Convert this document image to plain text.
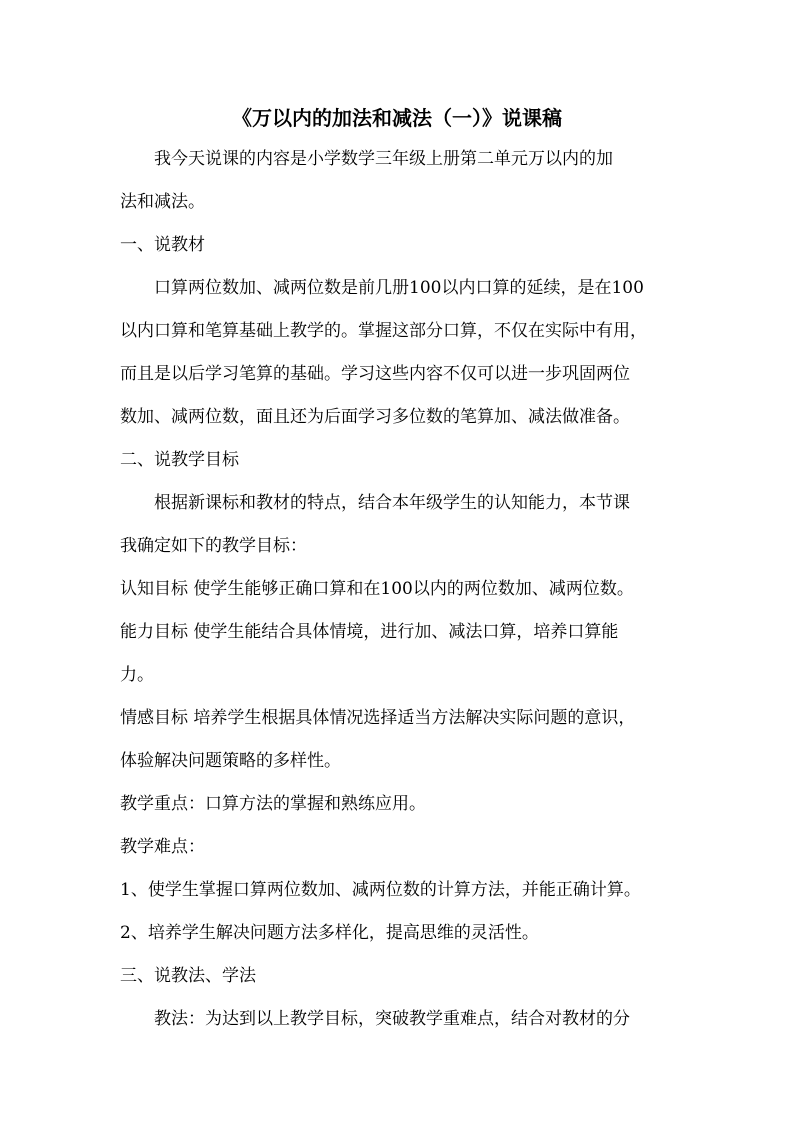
《万以内的加法和减法（一）》说课稿
我今天说课的内容是小学数学三年级上册第二单元万以内的加
法和减法。
一、说教材
口算两位数加、减两位数是前几册100以内口算的延续，是在100
以内口算和笔算基础上教学的。掌握这部分口算，不仅在实际中有用，
而且是以后学习笔算的基础。学习这些内容不仅可以进一步巩固两位
数加、减两位数，面且还为后面学习多位数的笔算加、减法做准备。
二、说教学目标
根据新课标和教材的特点，结合本年级学生的认知能力，本节课
我确定如下的教学目标：
认知目标 使学生能够正确口算和在100以内的两位数加、减两位数。
能力目标 使学生能结合具体情境，进行加、减法口算，培养口算能
力。
情感目标 培养学生根据具体情况选择适当方法解决实际问题的意识，
体验解决问题策略的多样性。
教学重点：口算方法的掌握和熟练应用。
教学难点：
1、使学生掌握口算两位数加、减两位数的计算方法，并能正确计算。
2、培养学生解决问题方法多样化，提高思维的灵活性。
三、说教法、学法
教法：为达到以上教学目标，突破教学重难点，结合对教材的分
